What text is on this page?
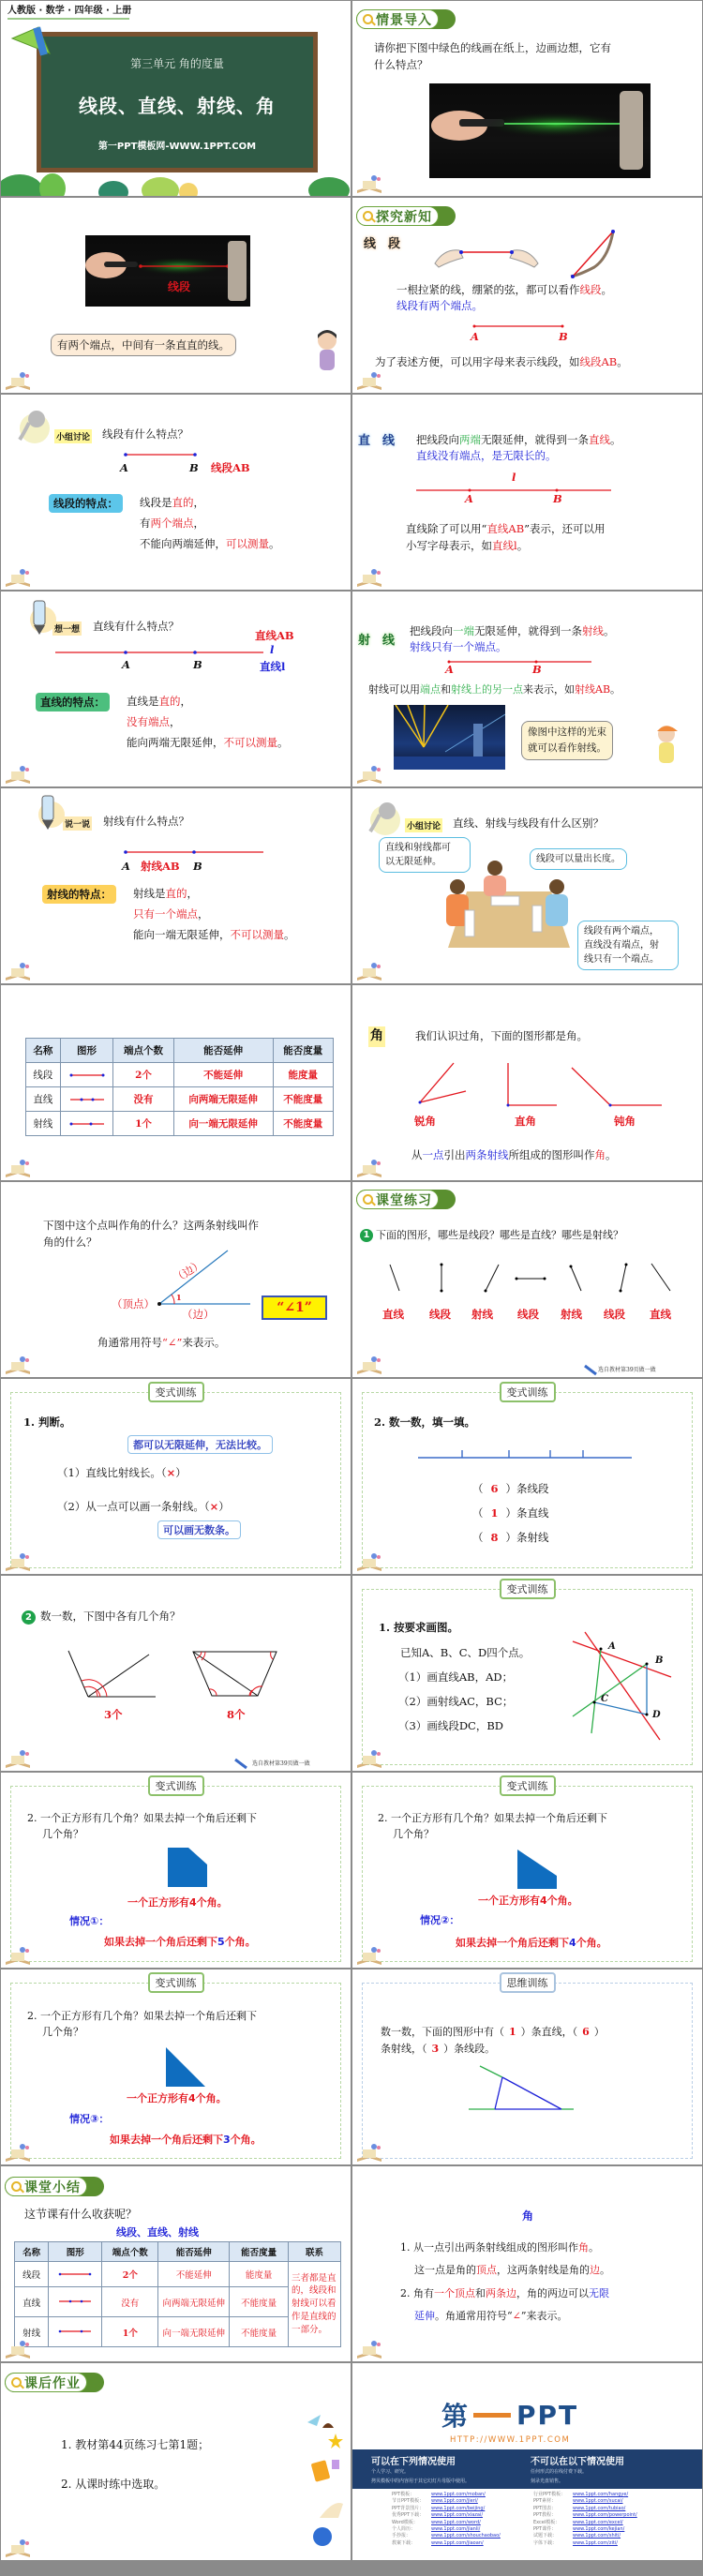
人教版 · 数学 · 四年级 · 上册
第三单元 角的度量
线段、直线、射线、角
第一PPT模板网-WWW.1PPT.COM
情景导入
请你把下图中绿色的线画在纸上，边画边想，它有
什么特点？
线段
有两个端点，中间有一条直直的线。
探究新知
线　段
一根拉紧的线，绷紧的弦，都可以看作线段。
线段有两个端点。
A	B
为了表述方便，可以用字母来表示线段，如线段AB。
小组讨论 线段有什么特点？
A	B 线段AB
线段的特点：	线段是直的，
有两个端点，
不能向两端延伸，可以测量。
直　线 把线段向两端无限延伸，就得到一条直线。
直线没有端点，是无限长的。
l
A	B
直线除了可以用“直线AB”表示，还可以用
小写字母表示，如直线l。
想一想 直线有什么特点？
直线AB
l
A	B	直线l
直线的特点：	直线是直的，
没有端点，
能向两端无限延伸，不可以测量。
射　线
把线段向一端无限延伸，就得到一条射线。
射线只有一个端点。
A	B
射线可以用端点和射线上的另一点来表示，如射线AB。
像图中这样的光束
就可以看作射线。
说一说 射线有什么特点？
A 射线AB B
射线的特点：	射线是直的，
只有一个端点，
能向一端无限延伸，不可以测量。
小组讨论 直线、射线与线段有什么区别？
直线和射线都可
以无限延伸。	线段可以量出长度。
线段有两个端点，
直线没有端点，射
线只有一个端点。
名称	图形	端点个数	能否延伸	能否度量
线段		2个	不能延伸	能度量
直线		没有	向两端无限延伸	不能度量
射线		1个	向一端无限延伸	不能度量
角	我们认识过角，下面的图形都是角。
锐角	直角	钝角
从一点引出两条射线所组成的图形叫作角。
下图中这个点叫作角的什么？这两条射线叫作
角的什么？
1
（边）
（顶点）
（边）	“∠1”
角通常用符号“∠”来表示。
课堂练习
1 下面的图形，哪些是线段？哪些是直线？哪些是射线？
直线 线段 射线 线段 射线 线段 直线
选自教材第39页做一做
变式训练
1. 判断。
都可以无限延伸，无法比较。
（1）直线比射线长。（×）
（2）从一点可以画一条射线。（×）
可以画无数条。
变式训练
2. 数一数，填一填。
（ 6 ）条线段
（ 1 ）条直线
（ 8 ）条射线
2 数一数，下图中各有几个角？
3个	8个
选自教材第39页做一做
变式训练
1. 按要求画图。
已知A、B、C、D四个点。
（1）画直线AB，AD；
（2）画射线AC，BC；
（3）画线段DC，BD
A
B
C
D
变式训练
2. 一个正方形有几个角？如果去掉一个角后还剩下
几个角？
一个正方形有4个角。
情况①：
如果去掉一个角后还剩下5个角。
变式训练
2. 一个正方形有几个角？如果去掉一个角后还剩下
几个角？
一个正方形有4个角。
情况②：
如果去掉一个角后还剩下4个角。
变式训练
2. 一个正方形有几个角？如果去掉一个角后还剩下
几个角？
一个正方形有4个角。
情况③：
如果去掉一个角后还剩下3个角。
思维训练
数一数，下面的图形中有（ 1 ）条直线，（ 6 ）
条射线，（ 3 ）条线段。
课堂小结
这节课有什么收获呢？
线段、直线、射线
名称	图形	端点个数	能否延伸	能否度量	联系
线段		2个	不能延伸	能度量	三者都是直的，线段和射线可以看作是直线的一部分。
直线		没有	向两端无限延伸	不能度量	
射线		1个	向一端无限延伸	不能度量	
角
1. 从一点引出两条射线组成的图形叫作角。
这一点是角的顶点，这两条射线是角的边。
2. 角有一个顶点和两条边，角的两边可以无限
延伸。角通常用符号“∠”来表示。
课后作业
1. 教材第44页练习七第1题；
2. 从课时练中选取。
第 PPT
HTTP://WWW.1PPT.COM
可以在下列情况使用
个人学习、研究。
拷贝模板中的内容用于其它幻灯片母版中使用。
不可以在以下情况使用
任何形式的在线付费下载。
刻录光盘销售。
PPT模板：	www.1ppt.com/moban/
节日PPT模板： www.1ppt.com/jieri/
PPT背景图片： www.1ppt.com/beijing/
优秀PPT下载： www.1ppt.com/xiazai/
Word模板：	www.1ppt.com/word/
个人简历：	www.1ppt.com/jianli/
手抄报：	www.1ppt.com/shouchaobao/
教案下载：	www.1ppt.com/jiaoan/
行业PPT模板： www.1ppt.com/hangye/
PPT素材：	www.1ppt.com/sucai/
PPT图表：	www.1ppt.com/tubiao/
PPT教程：	www.1ppt.com/powerpoint/
Excel模板：	www.1ppt.com/excel/
PPT课件：	www.1ppt.com/kejian/
试题下载：	www.1ppt.com/shiti/
字体下载：	www.1ppt.com/ziti/
